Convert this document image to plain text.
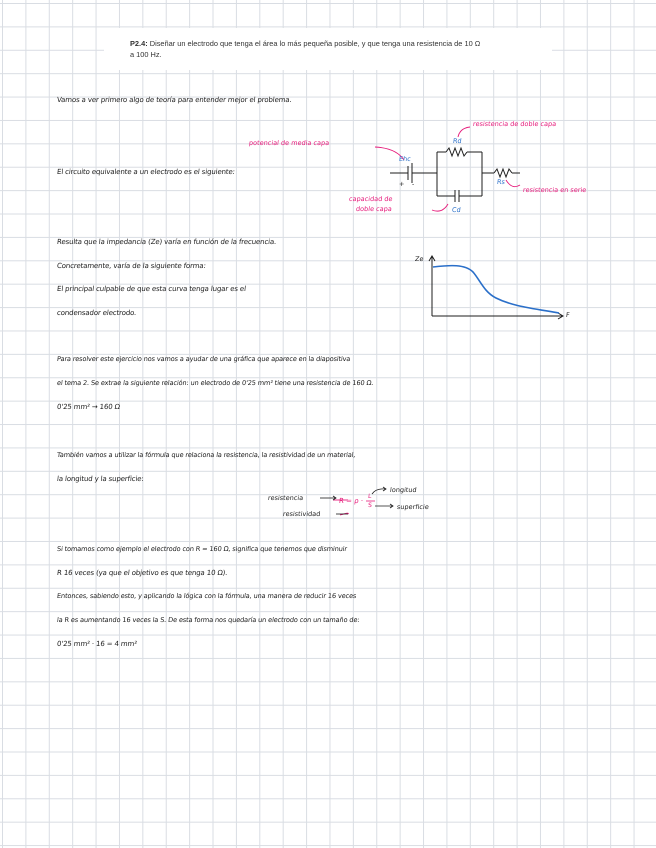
P2.4: Diseñar un electrodo que tenga el área lo más pequeña posible, y que tenga una resistencia de 10 Ω
a 100 Hz.
Vamos a ver primero algo de teoría para entender mejor el problema.
El circuito equivalente a un electrodo es el siguiente:
Resulta que la impedancia (Ze) varía en función de la frecuencia.
Concretamente, varía de la siguiente forma:
El principal culpable de que esta curva tenga lugar es el
condensador electrodo.
Para resolver este ejercicio nos vamos a ayudar de una gráfica que aparece en la diapositiva
el tema 2. Se extrae la siguiente relación: un electrodo de 0'25 mm² tiene una resistencia de 160 Ω.
0'25 mm² → 160 Ω
También vamos a utilizar la fórmula que relaciona la resistencia, la resistividad de un material,
la longitud y la superficie:
Si tomamos como ejemplo el electrodo con R = 160 Ω, significa que tenemos que disminuir
R 16 veces (ya que el objetivo es que tenga 10 Ω).
Entonces, sabiendo esto, y aplicando la lógica con la fórmula, una manera de reducir 16 veces
la R es aumentando 16 veces la S. De esta forma nos quedaría un electrodo con un tamaño de:
0'25 mm² · 16 = 4 mm²
potencial de media capa
resistencia de doble capa
resistencia en serie
capacidad de
doble capa
Ehc
Rd
Cd
Rs
+ -
Ze
F
resistencia
resistividad
longitud
superficie
R = ρ ·
L
S
